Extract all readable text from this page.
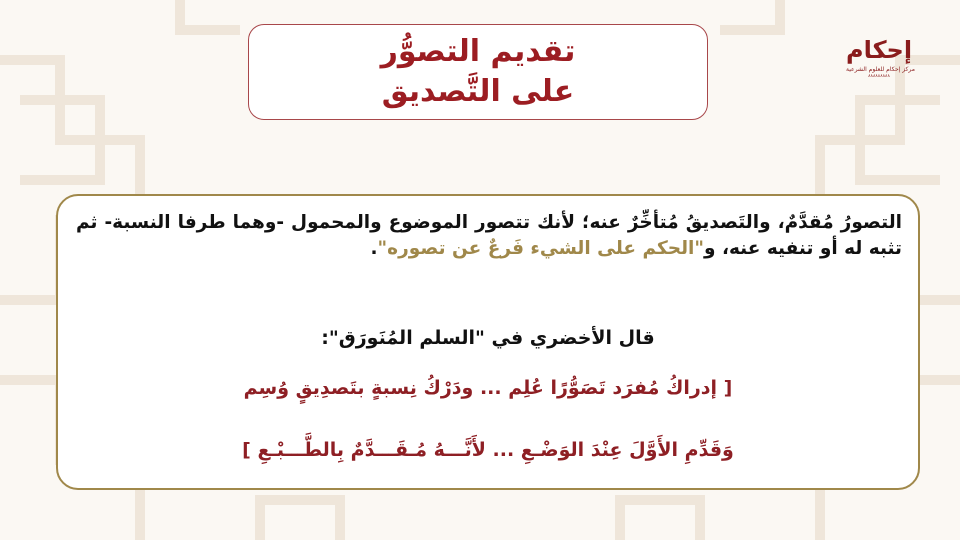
إحكام
مركز إحكام للعلوم الشرعية
٨٨٨٨٨٨٨٨٨
تقديم التصوُّر
على التَّصديق
التصورُ مُقدَّمٌ، والتَصديقُ مُتأخِّرٌ عنه؛ لأنك تتصور الموضوع والمحمول -وهما طرفا النسبة- ثم تثبه له أو تنفيه عنه، و"الحكم على الشيء فَرعٌ عن تصوره".
قال الأخضري في "السلم المُنَورَق":
[ إدراكُ مُفرَد تَصَوُّرًا عُلِم ... ودَرْكُ نِسبةٍ بتَصدِيقٍ وُسِم
وَقَدِّمِ الأَوَّلَ عِنْدَ الوَضْـعِ ... لأَنَّـــهُ مُـقَـــدَّمٌ بِالطَّـــبْـعِ ]
